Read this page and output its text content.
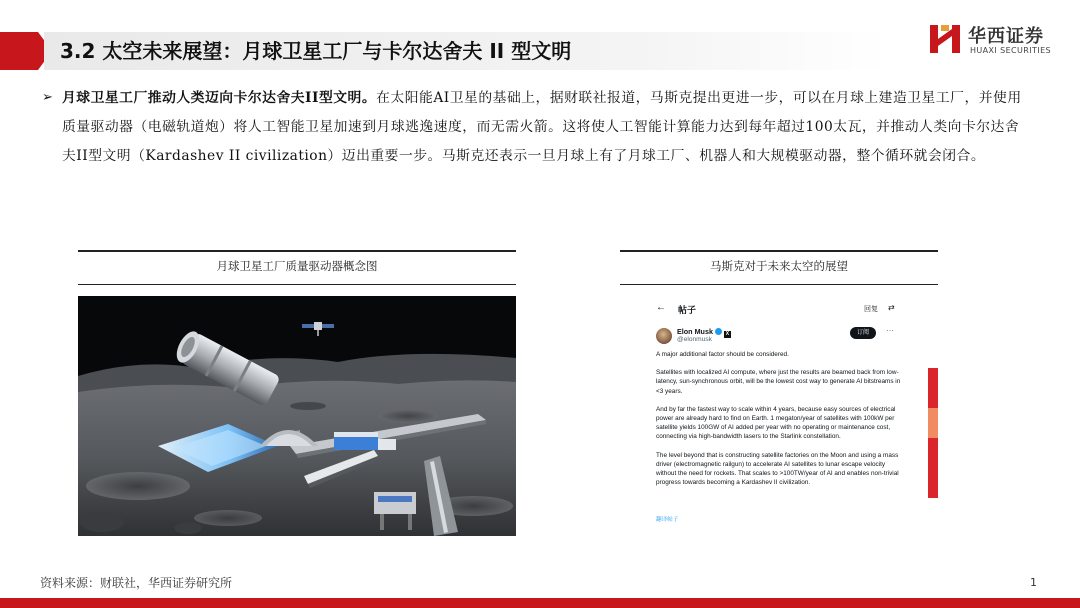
3.2 太空未来展望：月球卫星工厂与卡尔达舍夫 II 型文明
华西证券
HUAXI SECURITIES
➢ 月球卫星工厂推动人类迈向卡尔达舍夫II型文明。在太阳能AI卫星的基础上，据财联社报道，马斯克提出更进一步，可以在月球上建造卫星工厂，并使用质量驱动器（电磁轨道炮）将人工智能卫星加速到月球逃逸速度，而无需火箭。这将使人工智能计算能力达到每年超过100太瓦，并推动人类向卡尔达舍夫II型文明（Kardashev II civilization）迈出重要一步。马斯克还表示一旦月球上有了月球工厂、机器人和大规模驱动器，整个循环就会闭合。
月球卫星工厂质量驱动器概念图	马斯克对于未来太空的展望
← 帖子	回复 ⇄
Elon Musk	X
@elonmusk
订阅	···

A major additional factor should be considered.

Satellites with localized AI compute, where just the results are beamed back from low-latency, sun-synchronous orbit, will be the lowest cost way to generate AI bitstreams in <3 years.

And by far the fastest way to scale within 4 years, because easy sources of electrical power are already hard to find on Earth. 1 megaton/year of satellites with 100kW per satellite yields 100GW of AI added per year with no operating or maintenance cost, connecting via high-bandwidth lasers to the Starlink constellation.

The level beyond that is constructing satellite factories on the Moon and using a mass driver (electromagnetic railgun) to accelerate AI satellites to lunar escape velocity without the need for rockets. That scales to >100TW/year of AI and enables non-trivial progress towards becoming a Kardashev II civilization.

翻译帖子
资料来源：财联社，华西证券研究所	1
